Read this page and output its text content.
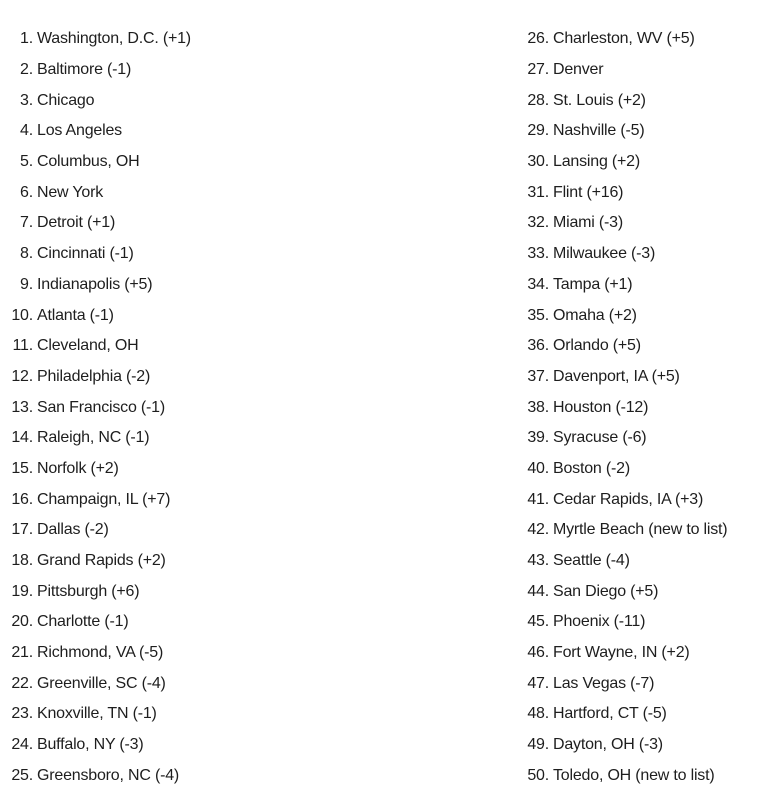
1. Washington, D.C. (+1)
2. Baltimore (-1)
3. Chicago
4. Los Angeles
5. Columbus, OH
6. New York
7. Detroit (+1)
8. Cincinnati (-1)
9. Indianapolis (+5)
10. Atlanta (-1)
11. Cleveland, OH
12. Philadelphia (-2)
13. San Francisco (-1)
14. Raleigh, NC (-1)
15. Norfolk (+2)
16. Champaign, IL (+7)
17. Dallas (-2)
18. Grand Rapids (+2)
19. Pittsburgh (+6)
20. Charlotte (-1)
21. Richmond, VA (-5)
22. Greenville, SC (-4)
23. Knoxville, TN (-1)
24. Buffalo, NY (-3)
25. Greensboro, NC (-4)
26. Charleston, WV (+5)
27. Denver
28. St. Louis (+2)
29. Nashville (-5)
30. Lansing (+2)
31. Flint (+16)
32. Miami (-3)
33. Milwaukee (-3)
34. Tampa (+1)
35. Omaha (+2)
36. Orlando (+5)
37. Davenport, IA (+5)
38. Houston (-12)
39. Syracuse (-6)
40. Boston (-2)
41. Cedar Rapids, IA (+3)
42. Myrtle Beach (new to list)
43. Seattle (-4)
44. San Diego (+5)
45. Phoenix (-11)
46. Fort Wayne, IN (+2)
47. Las Vegas (-7)
48. Hartford, CT (-5)
49. Dayton, OH (-3)
50. Toledo, OH (new to list)
